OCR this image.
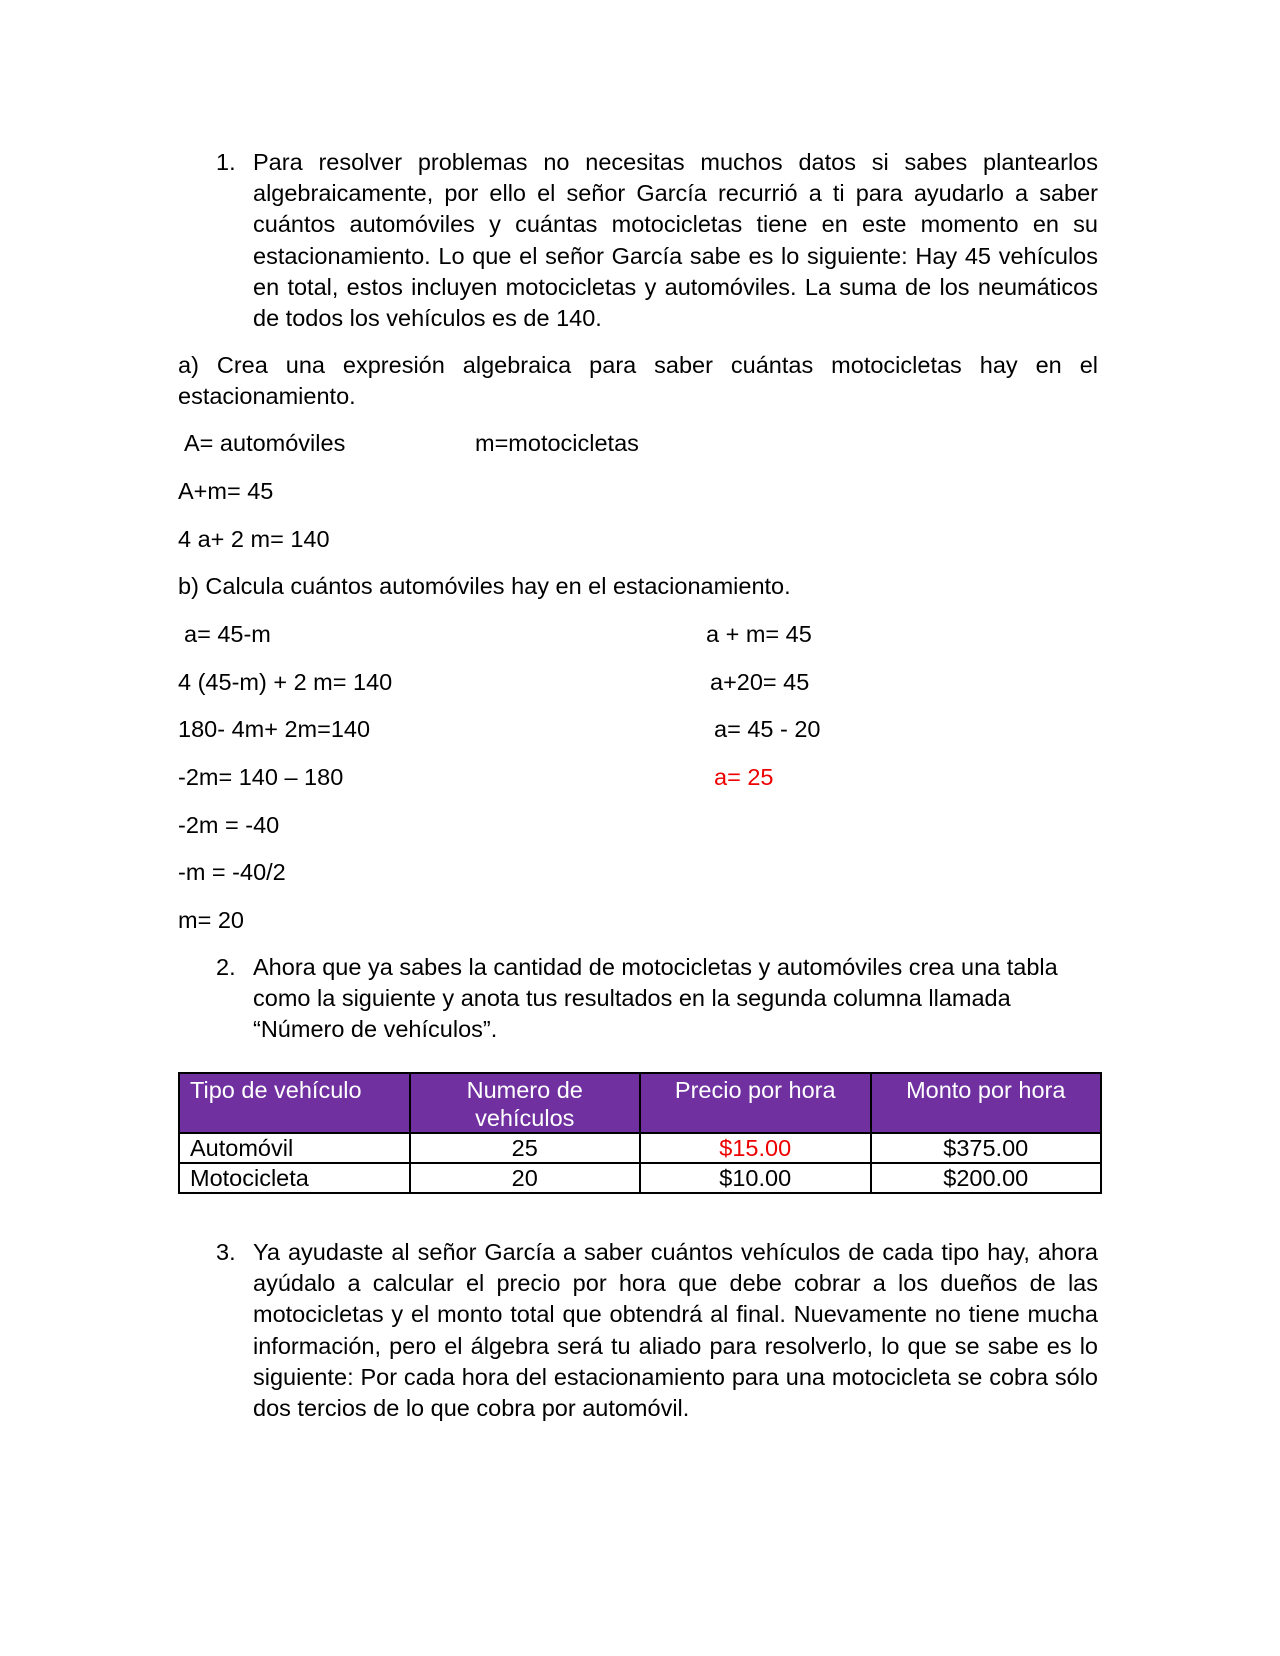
1. Para resolver problemas no necesitas muchos datos si sabes plantearlos algebraicamente, por ello el señor García recurrió a ti para ayudarlo a saber cuántos automóviles y cuántas motocicletas tiene en este momento en su estacionamiento. Lo que el señor García sabe es lo siguiente: Hay 45 vehículos en total, estos incluyen motocicletas y automóviles. La suma de los neumáticos de todos los vehículos es de 140.

a) Crea una expresión algebraica para saber cuántas motocicletas hay en el estacionamiento.

A= automóviles	m=motocicletas

A+m= 45

4 a+ 2 m= 140

b) Calcula cuántos automóviles hay en el estacionamiento.

a= 45-m

4 (45-m) + 2 m= 140

180- 4m+ 2m=140

-2m= 140 – 180

-2m = -40

-m = -40/2

m= 20

a + m= 45

a+20= 45

a= 45 - 20

a= 25

2. Ahora que ya sabes la cantidad de motocicletas y automóviles crea una tabla como la siguiente y anota tus resultados en la segunda columna llamada “Número de vehículos”.

Tipo de vehículo	Numero de vehículos	Precio por hora	Monto por hora
Automóvil	25	$15.00	$375.00
Motocicleta	20	$10.00	$200.00
3. Ya ayudaste al señor García a saber cuántos vehículos de cada tipo hay, ahora ayúdalo a calcular el precio por hora que debe cobrar a los dueños de las motocicletas y el monto total que obtendrá al final. Nuevamente no tiene mucha información, pero el álgebra será tu aliado para resolverlo, lo que se sabe es lo siguiente: Por cada hora del estacionamiento para una motocicleta se cobra sólo dos tercios de lo que cobra por automóvil.
